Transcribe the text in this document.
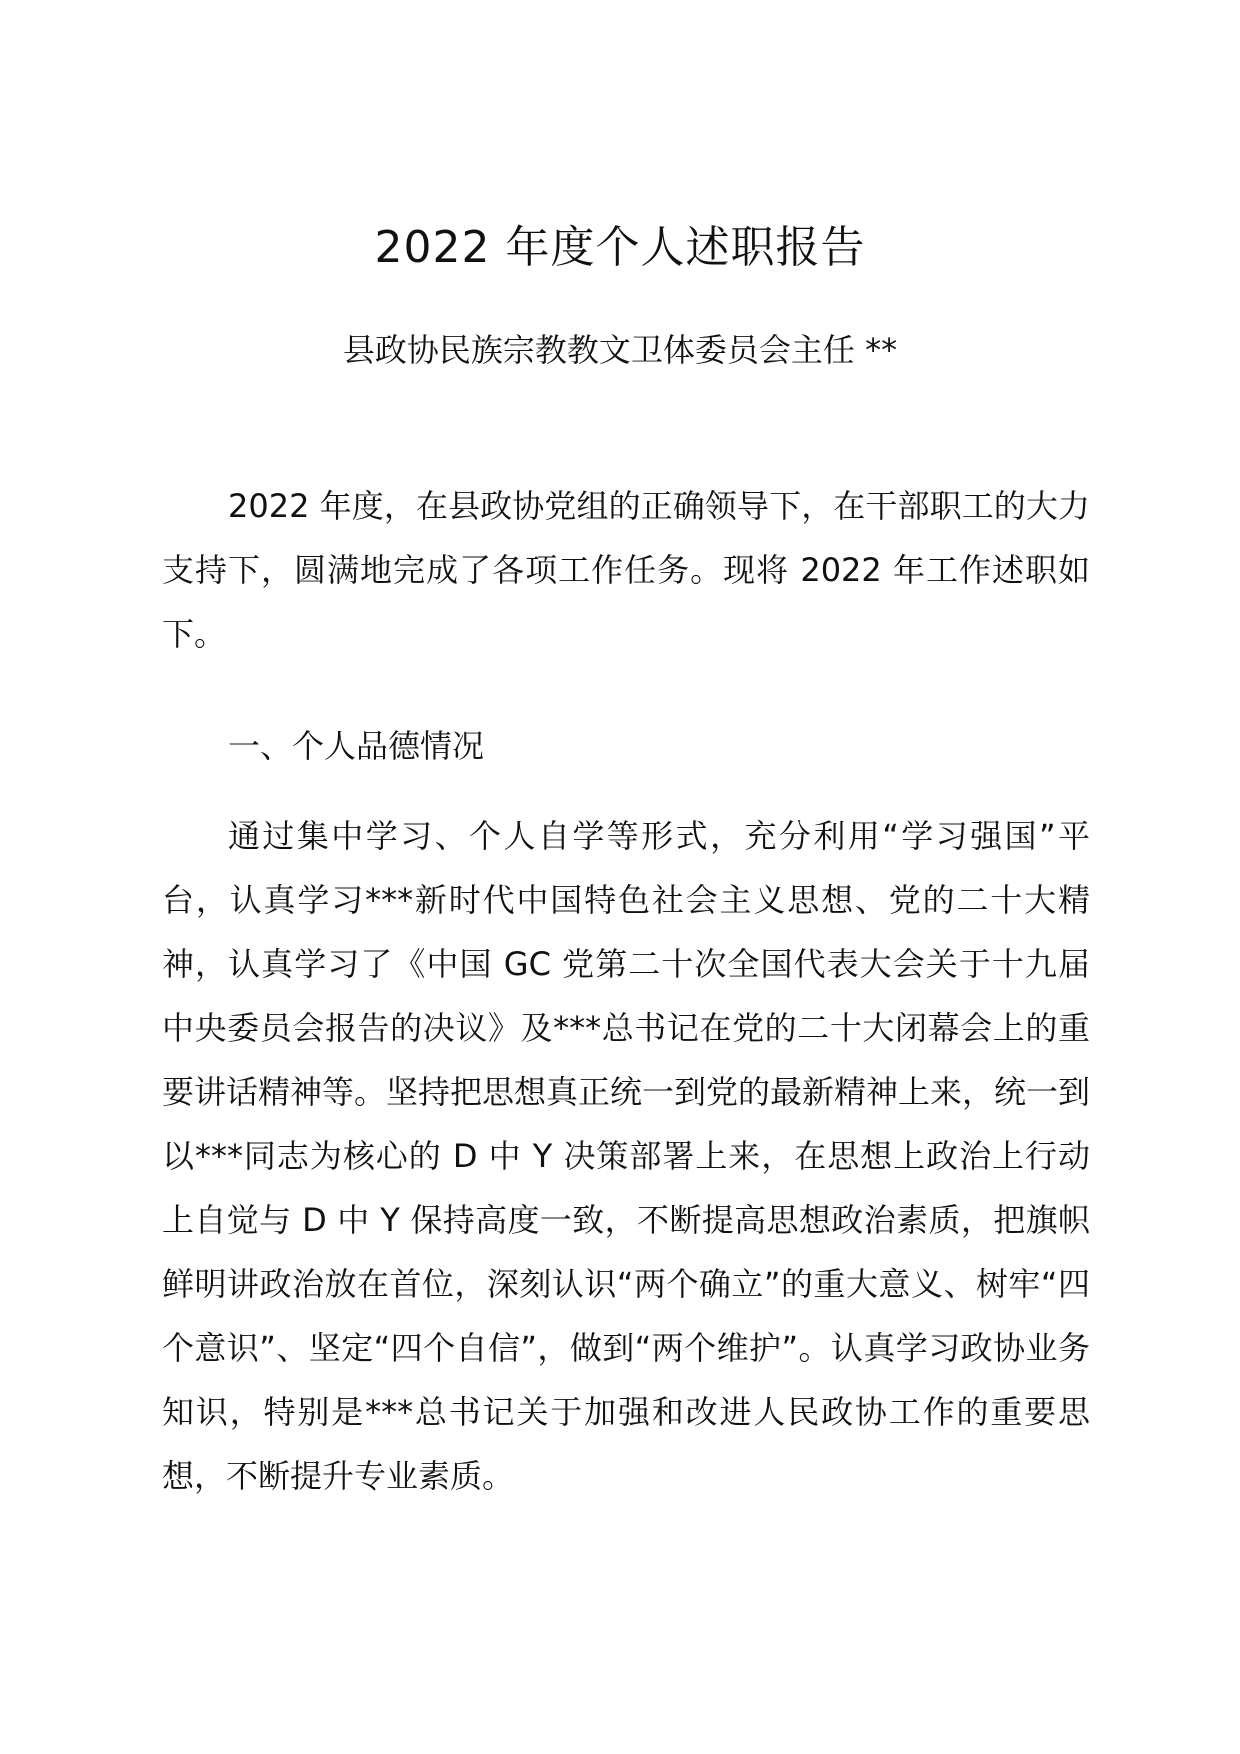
2022 年度个人述职报告

县政协民族宗教教文卫体委员会主任 **

2022 年度，在县政协党组的正确领导下，在干部职工的大力支持下，圆满地完成了各项工作任务。现将 2022 年工作述职如下。

一、个人品德情况

通过集中学习、个人自学等形式，充分利用“学习强国”平台，认真学习***新时代中国特色社会主义思想、党的二十大精神，认真学习了《中国 GC 党第二十次全国代表大会关于十九届中央委员会报告的决议》及***总书记在党的二十大闭幕会上的重要讲话精神等。坚持把思想真正统一到党的最新精神上来，统一到以***同志为核心的 D 中 Y 决策部署上来，在思想上政治上行动上自觉与 D 中 Y 保持高度一致，不断提高思想政治素质，把旗帜鲜明讲政治放在首位，深刻认识“两个确立”的重大意义、树牢“四个意识”、坚定“四个自信”，做到“两个维护”。认真学习政协业务知识，特别是***总书记关于加强和改进人民政协工作的重要思想，不断提升专业素质。
